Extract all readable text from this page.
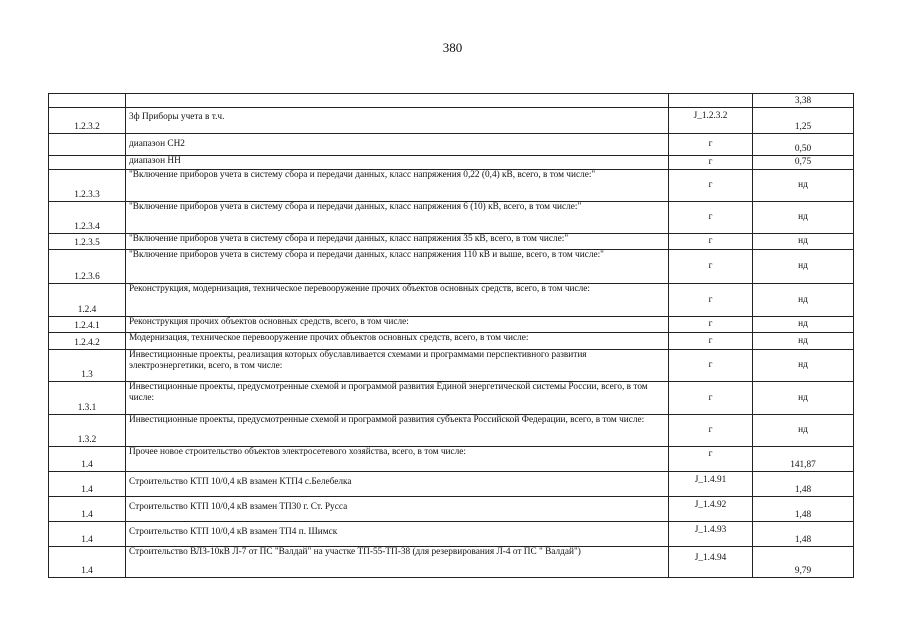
380
			3,38
1.2.3.2	3ф Приборы учета в т.ч.	J_1.2.3.2	1,25
	диапазон СН2	г	0,50
	диапазон НН	г	0,75
1.2.3.3	"Включение приборов учета в систему сбора и передачи данных, класс напряжения 0,22 (0,4) кВ, всего, в том числе:"	г	нд
1.2.3.4	"Включение приборов учета в систему сбора и передачи данных, класс напряжения 6 (10) кВ, всего, в том числе:"	г	нд
1.2.3.5	"Включение приборов учета в систему сбора и передачи данных, класс напряжения 35 кВ, всего, в том числе:"	г	нд
1.2.3.6	"Включение приборов учета в систему сбора и передачи данных, класс напряжения 110 кВ и выше, всего, в том числе:"	г	нд
1.2.4	Реконструкция, модернизация, техническое перевооружение прочих объектов основных средств, всего, в том числе:	г	нд
1.2.4.1	Реконструкция прочих объектов основных средств, всего, в том числе:	г	нд
1.2.4.2	Модернизация, техническое перевооружение прочих объектов основных средств, всего, в том числе:	г	нд
1.3	Инвестиционные проекты, реализация которых обуславливается схемами и программами перспективного развития электроэнергетики, всего, в том числе:	г	нд
1.3.1	Инвестиционные проекты, предусмотренные схемой и программой развития Единой энергетической системы России, всего, в том числе:	г	нд
1.3.2	Инвестиционные проекты, предусмотренные схемой и программой развития субъекта Российской Федерации, всего, в том числе:	г	нд
1.4	Прочее новое строительство объектов электросетевого хозяйства, всего, в том числе:	г	141,87
1.4	Строительство КТП 10/0,4 кВ взамен КТП4 с.Белебелка	J_1.4.91	1,48
1.4	Строительство КТП 10/0,4 кВ взамен ТП30 г. Ст. Русса	J_1.4.92	1,48
1.4	Строительство КТП 10/0,4 кВ взамен ТП4 п. Шимск	J_1.4.93	1,48
1.4	Строительство ВЛЗ-10кВ Л-7 от ПС "Валдай" на участке ТП-55-ТП-38 (для резервирования Л-4 от ПС " Валдай")	J_1.4.94	9,79
